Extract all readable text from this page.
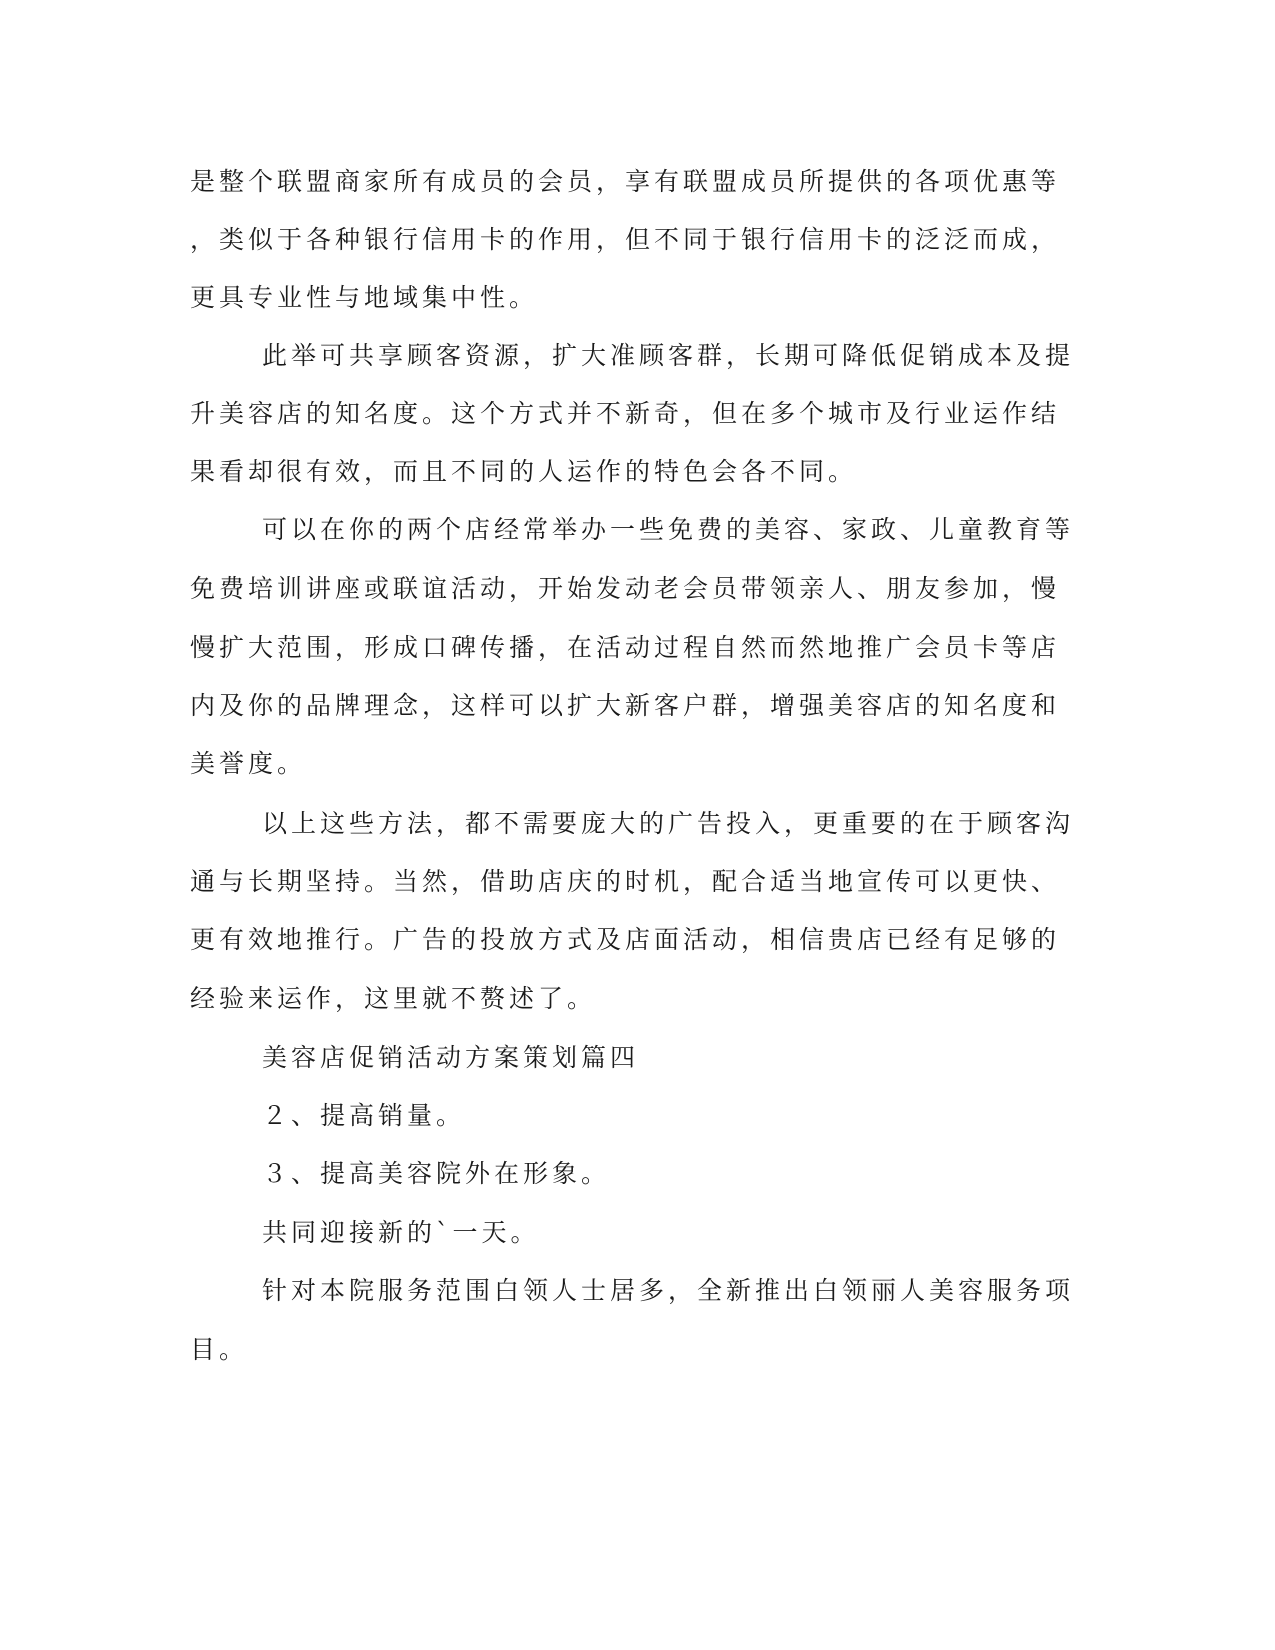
是整个联盟商家所有成员的会员，享有联盟成员所提供的各项优惠等
，类似于各种银行信用卡的作用，但不同于银行信用卡的泛泛而成，
更具专业性与地域集中性。
此举可共享顾客资源，扩大准顾客群，长期可降低促销成本及提
升美容店的知名度。这个方式并不新奇，但在多个城市及行业运作结
果看却很有效，而且不同的人运作的特色会各不同。
可以在你的两个店经常举办一些免费的美容、家政、儿童教育等
免费培训讲座或联谊活动，开始发动老会员带领亲人、朋友参加，慢
慢扩大范围，形成口碑传播，在活动过程自然而然地推广会员卡等店
内及你的品牌理念，这样可以扩大新客户群，增强美容店的知名度和
美誉度。
以上这些方法，都不需要庞大的广告投入，更重要的在于顾客沟
通与长期坚持。当然，借助店庆的时机，配合适当地宣传可以更快、
更有效地推行。广告的投放方式及店面活动，相信贵店已经有足够的
经验来运作，这里就不赘述了。
美容店促销活动方案策划篇四
２、提高销量。
３、提高美容院外在形象。
共同迎接新的`一天。
针对本院服务范围白领人士居多，全新推出白领丽人美容服务项
目。
